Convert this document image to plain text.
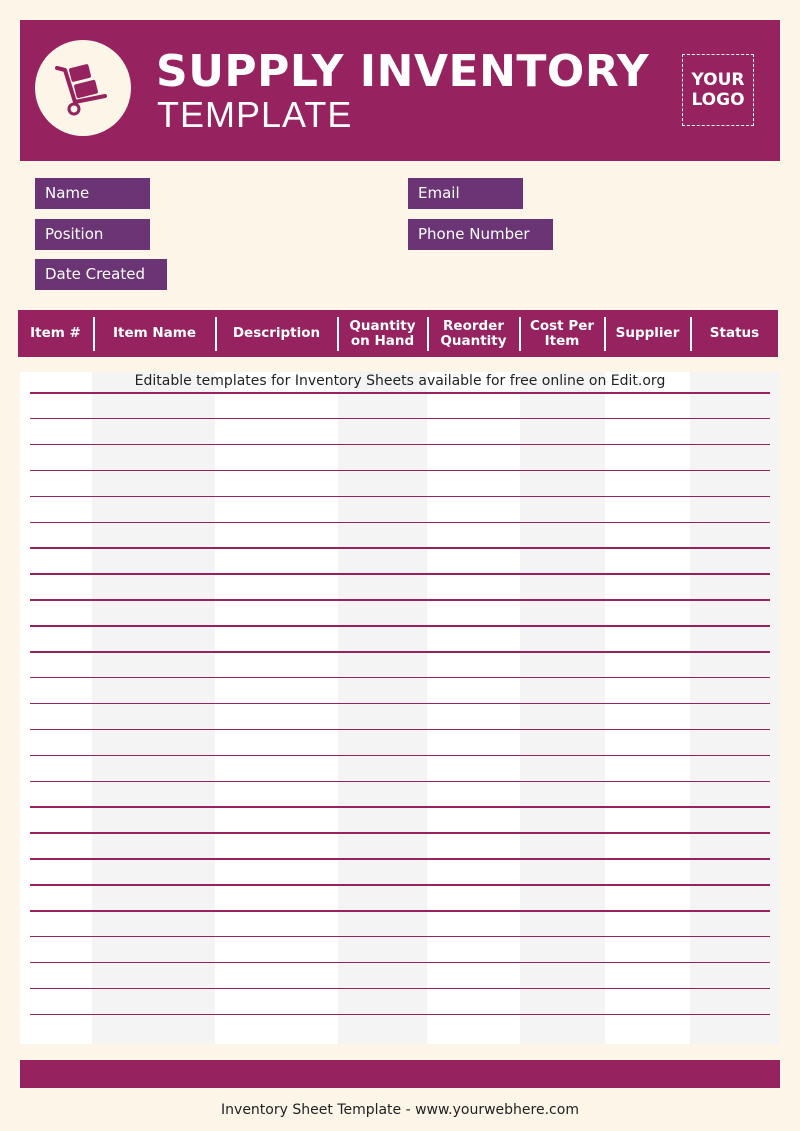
SUPPLY INVENTORY
TEMPLATE
YOUR
LOGO
Name
Position
Date Created
Email
Phone Number
Item # Item Name	Description Quantity
on Hand
Reorder
Quantity
Cost Per
Item	Supplier Status
Editable templates for Inventory Sheets available for free online on Edit.org
Inventory Sheet Template - www.yourwebhere.com
